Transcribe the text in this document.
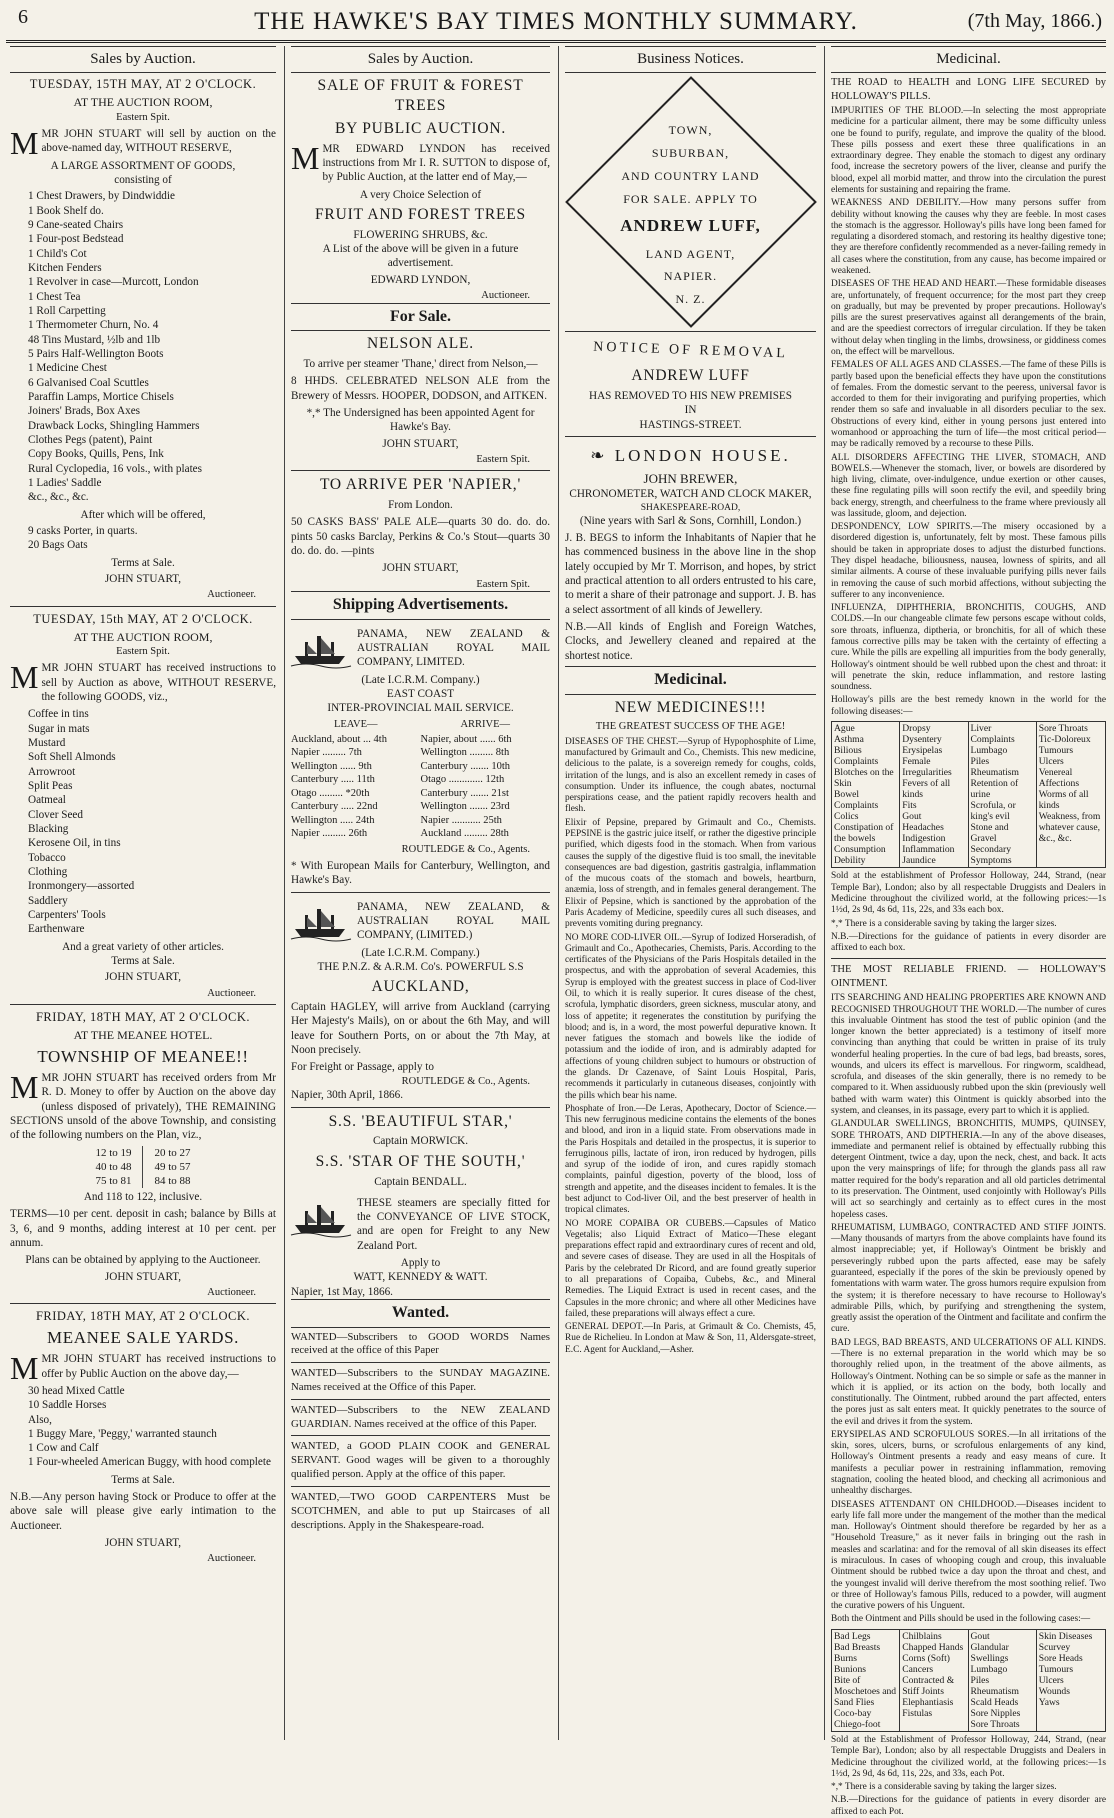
6	THE HAWKE'S BAY TIMES MONTHLY SUMMARY.	(7th May, 1866.)
Sales by Auction.
TUESDAY, 15TH MAY, AT 2 O'CLOCK.
AT THE AUCTION ROOM,
Eastern Spit.
MMR JOHN STUART will sell by auction on the above-named day, WITHOUT RESERVE,
A LARGE ASSORTMENT OF GOODS,
consisting of
1 Chest Drawers, by Dindwiddie
1 Book Shelf do.
9 Cane-seated Chairs
1 Four-post Bedstead
1 Child's Cot
Kitchen Fenders
1 Revolver in case—Murcott, London
1 Chest Tea
1 Roll Carpetting
1 Thermometer Churn, No. 4
48 Tins Mustard, ½lb and 1lb
5 Pairs Half-Wellington Boots
1 Medicine Chest
6 Galvanised Coal Scuttles
Paraffin Lamps, Mortice Chisels
Joiners' Brads, Box Axes
Drawback Locks, Shingling Hammers
Clothes Pegs (patent), Paint
Copy Books, Quills, Pens, Ink
Rural Cyclopedia, 16 vols., with plates
1 Ladies' Saddle
&c., &c., &c.
After which will be offered,
9 casks Porter, in quarts.
20 Bags Oats
Terms at Sale.
JOHN STUART,
Auctioneer.
TUESDAY, 15th MAY, AT 2 O'CLOCK.
AT THE AUCTION ROOM,
Eastern Spit.
MMR JOHN STUART has received instructions to sell by Auction as above, WITHOUT RESERVE, the following GOODS, viz.,
Coffee in tins
Sugar in mats
Mustard
Soft Shell Almonds
Arrowroot
Split Peas
Oatmeal
Clover Seed
Blacking
Kerosene Oil, in tins
Tobacco
Clothing
Ironmongery—assorted
Saddlery
Carpenters' Tools
Earthenware
And a great variety of other articles.
Terms at Sale.
JOHN STUART,
Auctioneer.
FRIDAY, 18TH MAY, AT 2 O'CLOCK.
AT THE MEANEE HOTEL.
TOWNSHIP OF MEANEE!!
MMR JOHN STUART has received orders from Mr R. D. Money to offer by Auction on the above day (unless disposed of privately), THE REMAINING SECTIONS unsold of the above Township, and consisting of the following numbers on the Plan, viz.,
12 to 19
40 to 48
75 to 81
20 to 27
49 to 57
84 to 88
And 118 to 122, inclusive.
TERMS—10 per cent. deposit in cash; balance by Bills at 3, 6, and 9 months, adding interest at 10 per cent. per annum.
Plans can be obtained by applying to the Auctioneer.
JOHN STUART,
Auctioneer.
FRIDAY, 18TH MAY, AT 2 O'CLOCK.
MEANEE SALE YARDS.
MMR JOHN STUART has received instructions to offer by Public Auction on the above day,—
30 head Mixed Cattle
10 Saddle Horses
Also,
1 Buggy Mare, 'Peggy,' warranted staunch
1 Cow and Calf
1 Four-wheeled American Buggy, with hood complete
Terms at Sale.
N.B.—Any person having Stock or Produce to offer at the above sale will please give early intimation to the Auctioneer.
JOHN STUART,
Auctioneer.
Sales by Auction.
SALE OF FRUIT & FOREST TREES
BY PUBLIC AUCTION.
MMR EDWARD LYNDON has received instructions from Mr I. R. SUTTON to dispose of, by Public Auction, at the latter end of May,—
A very Choice Selection of
FRUIT AND FOREST TREES
FLOWERING SHRUBS, &c.
A List of the above will be given in a future advertisement.
EDWARD LYNDON,
Auctioneer.
For Sale.
NELSON ALE.
To arrive per steamer 'Thane,' direct from Nelson,—
8 HHDS. CELEBRATED NELSON ALE from the Brewery of Messrs. HOOPER, DODSON, and AITKEN.
*,* The Undersigned has been appointed Agent for Hawke's Bay.
JOHN STUART,
Eastern Spit.
TO ARRIVE PER 'NAPIER,'
From London.
50 CASKS BASS' PALE ALE—quarts 30 do. do. do. pints 50 casks Barclay, Perkins & Co.'s Stout—quarts 30 do. do. do. —pints
JOHN STUART,
Eastern Spit.
Shipping Advertisements.
PANAMA, NEW ZEALAND & AUSTRALIAN ROYAL MAIL COMPANY, LIMITED.
(Late I.C.R.M. Company.)
EAST COAST
INTER-PROVINCIAL MAIL SERVICE.
LEAVE—
Auckland, about ... 4th
Napier ......... 7th
Wellington ...... 9th
Canterbury ..... 11th
Otago ......... *20th
Canterbury ..... 22nd
Wellington ..... 24th
Napier ......... 26th
ARRIVE—
Napier, about ...... 6th
Wellington ......... 8th
Canterbury ....... 10th
Otago ............. 12th
Canterbury ....... 21st
Wellington ....... 23rd
Napier ........... 25th
Auckland ......... 28th
ROUTLEDGE & Co., Agents.
* With European Mails for Canterbury, Wellington, and Hawke's Bay.
PANAMA, NEW ZEALAND, & AUSTRALIAN ROYAL MAIL COMPANY, (LIMITED.)
(Late I.C.R.M. Company.)
THE P.N.Z. & A.R.M. Co's. POWERFUL S.S
AUCKLAND,
Captain HAGLEY, will arrive from Auckland (carrying Her Majesty's Mails), on or about the 6th May, and will leave for Southern Ports, on or about the 7th May, at Noon precisely.
For Freight or Passage, apply to
ROUTLEDGE & Co., Agents.
Napier, 30th April, 1866.
S.S. 'BEAUTIFUL STAR,'
Captain MORWICK.
S.S. 'STAR OF THE SOUTH,'
Captain BENDALL.
THESE steamers are specially fitted for the CONVEYANCE OF LIVE STOCK, and are open for Freight to any New Zealand Port.
Apply to
WATT, KENNEDY & WATT.
Napier, 1st May, 1866.
Wanted.
WANTED—Subscribers to GOOD WORDS Names received at the office of this Paper
WANTED—Subscribers to the SUNDAY MAGAZINE. Names received at the Office of this Paper.
WANTED—Subscribers to the NEW ZEALAND GUARDIAN. Names received at the office of this Paper.
WANTED, a GOOD PLAIN COOK and GENERAL SERVANT. Good wages will be given to a thoroughly qualified person. Apply at the office of this paper.
WANTED,—TWO GOOD CARPENTERS Must be SCOTCHMEN, and able to put up Staircases of all descriptions. Apply in the Shakespeare-road.
Business Notices.
TOWN,
SUBURBAN,
AND COUNTRY LAND
FOR SALE. APPLY TO
ANDREW LUFF,
LAND AGENT,
NAPIER.
N. Z.
NOTICE OF REMOVAL
ANDREW LUFF
HAS REMOVED TO HIS NEW PREMISES
IN
HASTINGS-STREET.
❧ LONDON HOUSE.
JOHN BREWER,
CHRONOMETER, WATCH AND CLOCK MAKER,
SHAKESPEARE-ROAD,
(Nine years with Sarl & Sons, Cornhill, London.)
J. B. BEGS to inform the Inhabitants of Napier that he has commenced business in the above line in the shop lately occupied by Mr T. Morrison, and hopes, by strict and practical attention to all orders entrusted to his care, to merit a share of their patronage and support. J. B. has a select assortment of all kinds of Jewellery.
N.B.—All kinds of English and Foreign Watches, Clocks, and Jewellery cleaned and repaired at the shortest notice.
Medicinal.
NEW MEDICINES!!!
THE GREATEST SUCCESS OF THE AGE!
DISEASES OF THE CHEST.—Syrup of Hypophosphite of Lime, manufactured by Grimault and Co., Chemists. This new medicine, delicious to the palate, is a sovereign remedy for coughs, colds, irritation of the lungs, and is also an excellent remedy in cases of consumption. Under its influence, the cough abates, nocturnal perspirations cease, and the patient rapidly recovers health and flesh.
Elixir of Pepsine, prepared by Grimault and Co., Chemists. PEPSINE is the gastric juice itself, or rather the digestive principle purified, which digests food in the stomach. When from various causes the supply of the digestive fluid is too small, the inevitable consequences are bad digestion, gastritis gastralgia, inflammation of the mucous coats of the stomach and bowels, heartburn, anæmia, loss of strength, and in females general derangement. The Elixir of Pepsine, which is sanctioned by the approbation of the Paris Academy of Medicine, speedily cures all such diseases, and prevents vomiting during pregnancy.
NO MORE COD-LIVER OIL.—Syrup of Iodized Horseradish, of Grimault and Co., Apothecaries, Chemists, Paris. According to the certificates of the Physicians of the Paris Hospitals detailed in the prospectus, and with the approbation of several Academies, this Syrup is employed with the greatest success in place of Cod-liver Oil, to which it is really superior. It cures disease of the chest, scrofula, lymphatic disorders, green sickness, muscular atony, and loss of appetite; it regenerates the constitution by purifying the blood; and is, in a word, the most powerful depurative known. It never fatigues the stomach and bowels like the iodide of potassium and the iodide of iron, and is admirably adapted for affections of young children subject to humours or obstruction of the glands. Dr Cazenave, of Saint Louis Hospital, Paris, recommends it particularly in cutaneous diseases, conjointly with the pills which bear his name.
Phosphate of Iron.—De Leras, Apothecary, Doctor of Science.—This new ferruginous medicine contains the elements of the bones and blood, and iron in a liquid state. From observations made in the Paris Hospitals and detailed in the prospectus, it is superior to ferruginous pills, lactate of iron, iron reduced by hydrogen, pills and syrup of the iodide of iron, and cures rapidly stomach complaints, painful digestion, poverty of the blood, loss of strength and appetite, and the diseases incident to females. It is the best adjunct to Cod-liver Oil, and the best preserver of health in tropical climates.
NO MORE COPAIBA OR CUBEBS.—Capsules of Matico Vegetalis; also Liquid Extract of Matico—These elegant preparations effect rapid and extraordinary cures of recent and old, and severe cases of disease. They are used in all the Hospitals of Paris by the celebrated Dr Ricord, and are found greatly superior to all preparations of Copaiba, Cubebs, &c., and Mineral Remedies. The Liquid Extract is used in recent cases, and the Capsules in the more chronic; and where all other Medicines have failed, these preparations will always effect a cure.
GENERAL DEPOT.—In Paris, at Grimault & Co. Chemists, 45, Rue de Richelieu. In London at Maw & Son, 11, Aldersgate-street, E.C. Agent for Auckland,—Asher.
Medicinal.
THE ROAD to HEALTH and LONG LIFE SECURED by HOLLOWAY'S PILLS.
IMPURITIES OF THE BLOOD.—In selecting the most appropriate medicine for a particular ailment, there may be some difficulty unless one be found to purify, regulate, and improve the quality of the blood. These pills possess and exert these three qualifications in an extraordinary degree. They enable the stomach to digest any ordinary food, increase the secretory powers of the liver, cleanse and purify the blood, expel all morbid matter, and throw into the circulation the purest elements for sustaining and repairing the frame.
WEAKNESS AND DEBILITY.—How many persons suffer from debility without knowing the causes why they are feeble. In most cases the stomach is the aggressor. Holloway's pills have long been famed for regulating a disordered stomach, and restoring its healthy digestive tone; they are therefore confidently recommended as a never-failing remedy in all cases where the constitution, from any cause, has become impaired or weakened.
DISEASES OF THE HEAD AND HEART.—These formidable diseases are, unfortunately, of frequent occurrence; for the most part they creep on gradually, but may be prevented by proper precautions. Holloway's pills are the surest preservatives against all derangements of the brain, and are the speediest correctors of irregular circulation. If they be taken without delay when tingling in the limbs, drowsiness, or giddiness comes on, the effect will be marvellous.
FEMALES OF ALL AGES AND CLASSES.—The fame of these Pills is partly based upon the beneficial effects they have upon the constitutions of females. From the domestic servant to the peeress, universal favor is accorded to them for their invigorating and purifying properties, which render them so safe and invaluable in all disorders peculiar to the sex. Obstructions of every kind, either in young persons just entered into womanhood or approaching the turn of life—the most critical period—may be radically removed by a recourse to these Pills.
ALL DISORDERS AFFECTING THE LIVER, STOMACH, AND BOWELS.—Whenever the stomach, liver, or bowels are disordered by high living, climate, over-indulgence, undue exertion or other causes, these fine regulating pills will soon rectify the evil, and speedily bring back energy, strength, and cheerfulness to the frame where previously all was lassitude, gloom, and dejection.
DESPONDENCY, LOW SPIRITS.—The misery occasioned by a disordered digestion is, unfortunately, felt by most. These famous pills should be taken in appropriate doses to adjust the disturbed functions. They dispel headache, biliousness, nausea, lowness of spirits, and all similar ailments. A course of these invaluable purifying pills never fails in removing the cause of such morbid affections, without subjecting the sufferer to any inconvenience.
INFLUENZA, DIPHTHERIA, BRONCHITIS, COUGHS, AND COLDS.—In our changeable climate few persons escape without colds, sore throats, influenza, diptheria, or bronchitis, for all of which these famous corrective pills may be taken with the certainty of effecting a cure. While the pills are expelling all impurities from the body generally, Holloway's ointment should be well rubbed upon the chest and throat: it will penetrate the skin, reduce inflammation, and restore lasting soundness.
Holloway's pills are the best remedy known in the world for the following diseases:—
Ague
Asthma
Bilious Complaints
Blotches on the Skin
Bowel Complaints
Colics
Constipation of the bowels
Consumption
Debility
Dropsy
Dysentery
Erysipelas
Female Irregularities
Fevers of all kinds
Fits
Gout
Headaches
Indigestion
Inflammation
Jaundice
Liver Complaints
Lumbago
Piles
Rheumatism
Retention of urine
Scrofula, or king's evil
Stone and Gravel
Secondary Symptoms
Sore Throats
Tic-Doloreux
Tumours
Ulcers
Venereal Affections
Worms of all kinds
Weakness, from whatever cause, &c., &c.
Sold at the establishment of Professor Holloway, 244, Strand, (near Temple Bar), London; also by all respectable Druggists and Dealers in Medicine throughout the civilized world, at the following prices:—1s 1½d, 2s 9d, 4s 6d, 11s, 22s, and 33s each box.
*,* There is a considerable saving by taking the larger sizes.
N.B.—Directions for the guidance of patients in every disorder are affixed to each box.
THE MOST RELIABLE FRIEND. — HOLLOWAY'S OINTMENT.
ITS SEARCHING AND HEALING PROPERTIES ARE KNOWN AND RECOGNISED THROUGHOUT THE WORLD.—The number of cures this invaluable Ointment has stood the test of public opinion (and the longer known the better appreciated) is a testimony of itself more convincing than anything that could be written in praise of its truly wonderful healing properties. In the cure of bad legs, bad breasts, sores, wounds, and ulcers its effect is marvellous. For ringworm, scaldhead, scrofula, and diseases of the skin generally, there is no remedy to be compared to it. When assiduously rubbed upon the skin (previously well bathed with warm water) this Ointment is quickly absorbed into the system, and cleanses, in its passage, every part to which it is applied.
GLANDULAR SWELLINGS, BRONCHITIS, MUMPS, QUINSEY, SORE THROATS, AND DIPTHERIA.—In any of the above diseases, immediate and permanent relief is obtained by effectually rubbing this detergent Ointment, twice a day, upon the neck, chest, and back. It acts upon the very mainsprings of life; for through the glands pass all raw matter required for the body's reparation and all old particles detrimental to its preservation. The Ointment, used conjointly with Holloway's Pills will act so searchingly and certainly as to effect cures in the most hopeless cases.
RHEUMATISM, LUMBAGO, CONTRACTED AND STIFF JOINTS.—Many thousands of martyrs from the above complaints have found its almost inappreciable; yet, if Holloway's Ointment be briskly and perseveringly rubbed upon the parts affected, ease may be safely guaranteed, especially if the pores of the skin be previously opened by fomentations with warm water. The gross humors require expulsion from the system; it is therefore necessary to have recourse to Holloway's admirable Pills, which, by purifying and strengthening the system, greatly assist the operation of the Ointment and facilitate and confirm the cure.
BAD LEGS, BAD BREASTS, AND ULCERATIONS OF ALL KINDS.—There is no external preparation in the world which may be so thoroughly relied upon, in the treatment of the above ailments, as Holloway's Ointment. Nothing can be so simple or safe as the manner in which it is applied, or its action on the body, both locally and constitutionally. The Ointment, rubbed around the part affected, enters the pores just as salt enters meat. It quickly penetrates to the source of the evil and drives it from the system.
ERYSIPELAS AND SCROFULOUS SORES.—In all irritations of the skin, sores, ulcers, burns, or scrofulous enlargements of any kind, Holloway's Ointment presents a ready and easy means of cure. It manifests a peculiar power in restraining inflammation, removing stagnation, cooling the heated blood, and checking all acrimonious and unhealthy discharges.
DISEASES ATTENDANT ON CHILDHOOD.—Diseases incident to early life fall more under the mangement of the mother than the medical man. Holloway's Ointment should therefore be regarded by her as a "Household Treasure," as it never fails in bringing out the rash in measles and scarlatina: and for the removal of all skin diseases its effect is miraculous. In cases of whooping cough and croup, this invaluable Ointment should be rubbed twice a day upon the throat and chest, and the youngest invalid will derive therefrom the most soothing relief. Two or three of Holloway's famous Pills, reduced to a powder, will augment the curative powers of his Unguent.
Both the Ointment and Pills should be used in the following cases:—
Bad Legs
Bad Breasts
Burns
Bunions
Bite of Moschetoes and Sand Flies
Coco-bay
Chiego-foot
Chilblains
Chapped Hands
Corns (Soft)
Cancers
Contracted & Stiff Joints
Elephantiasis
Fistulas
Gout
Glandular Swellings
Lumbago
Piles
Rheumatism
Scald Heads
Sore Nipples
Sore Throats
Skin Diseases
Scurvey
Sore Heads
Tumours
Ulcers
Wounds
Yaws
Sold at the Establishment of Professor Holloway, 244, Strand, (near Temple Bar), London; also by all respectable Druggists and Dealers in Medicine throughout the civilized world, at the following prices:—1s 1½d, 2s 9d, 4s 6d, 11s, 22s, and 33s, each Pot.
*,* There is a considerable saving by taking the larger sizes.
N.B.—Directions for the guidance of patients in every disorder are affixed to each Pot.
